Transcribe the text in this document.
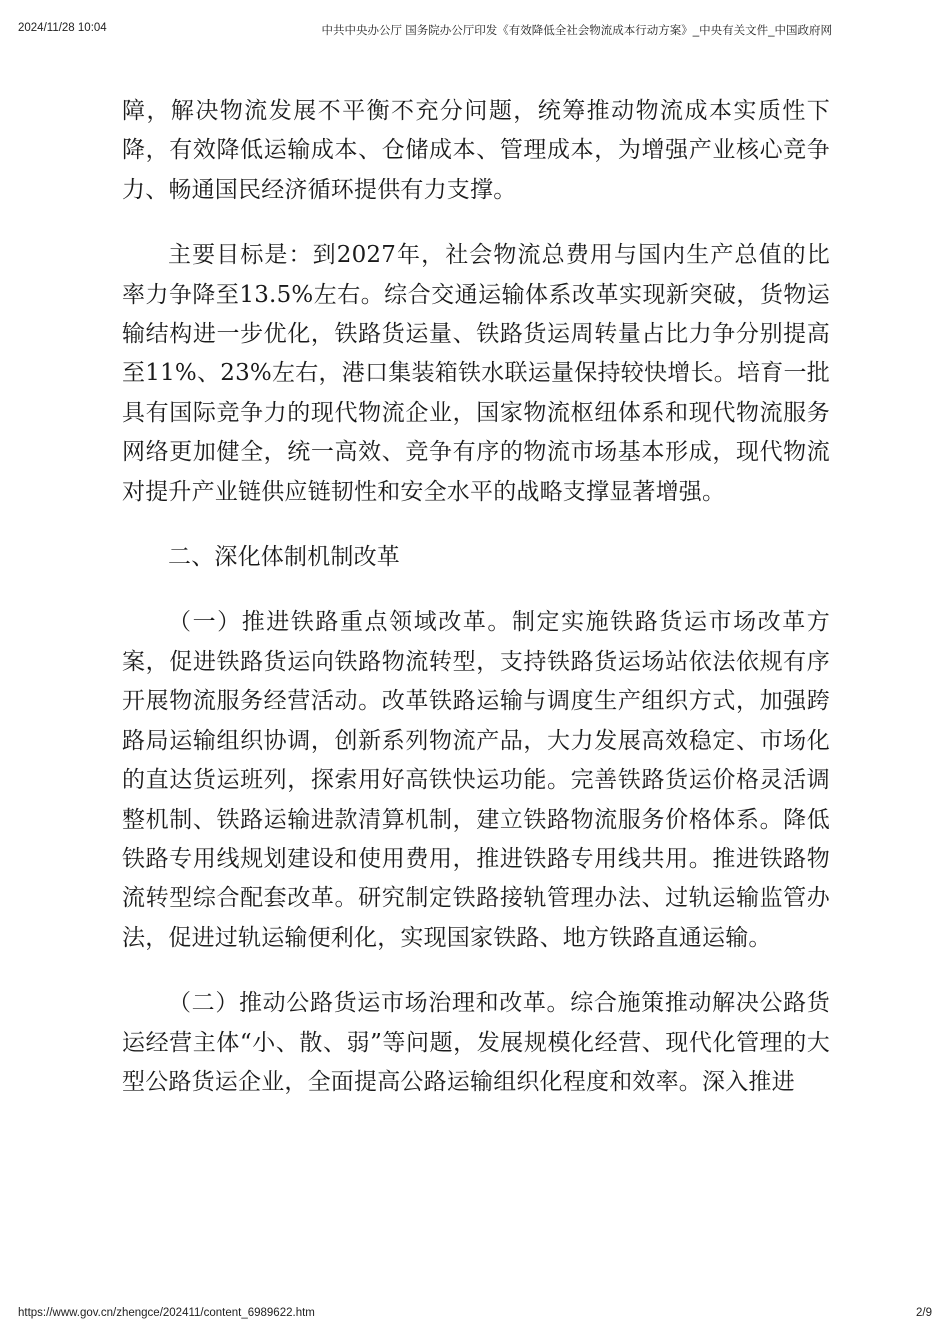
2024/11/28 10:04	中共中央办公厅 国务院办公厅印发《有效降低全社会物流成本行动方案》_中央有关文件_中国政府网

障，解决物流发展不平衡不充分问题，统筹推动物流成本实质性下降，有效降低运输成本、仓储成本、管理成本，为增强产业核心竞争力、畅通国民经济循环提供有力支撑。

主要目标是：到2027年，社会物流总费用与国内生产总值的比率力争降至13.5%左右。综合交通运输体系改革实现新突破，货物运输结构进一步优化，铁路货运量、铁路货运周转量占比力争分别提高至11%、23%左右，港口集装箱铁水联运量保持较快增长。培育一批具有国际竞争力的现代物流企业，国家物流枢纽体系和现代物流服务网络更加健全，统一高效、竞争有序的物流市场基本形成，现代物流对提升产业链供应链韧性和安全水平的战略支撑显著增强。

二、深化体制机制改革

（一）推进铁路重点领域改革。制定实施铁路货运市场改革方案，促进铁路货运向铁路物流转型，支持铁路货运场站依法依规有序开展物流服务经营活动。改革铁路运输与调度生产组织方式，加强跨路局运输组织协调，创新系列物流产品，大力发展高效稳定、市场化的直达货运班列，探索用好高铁快运功能。完善铁路货运价格灵活调整机制、铁路运输进款清算机制，建立铁路物流服务价格体系。降低铁路专用线规划建设和使用费用，推进铁路专用线共用。推进铁路物流转型综合配套改革。研究制定铁路接轨管理办法、过轨运输监管办法，促进过轨运输便利化，实现国家铁路、地方铁路直通运输。

（二）推动公路货运市场治理和改革。综合施策推动解决公路货运经营主体“小、散、弱”等问题，发展规模化经营、现代化管理的大型公路货运企业，全面提高公路运输组织化程度和效率。深入推进

https://www.gov.cn/zhengce/202411/content_6989622.htm	2/9
